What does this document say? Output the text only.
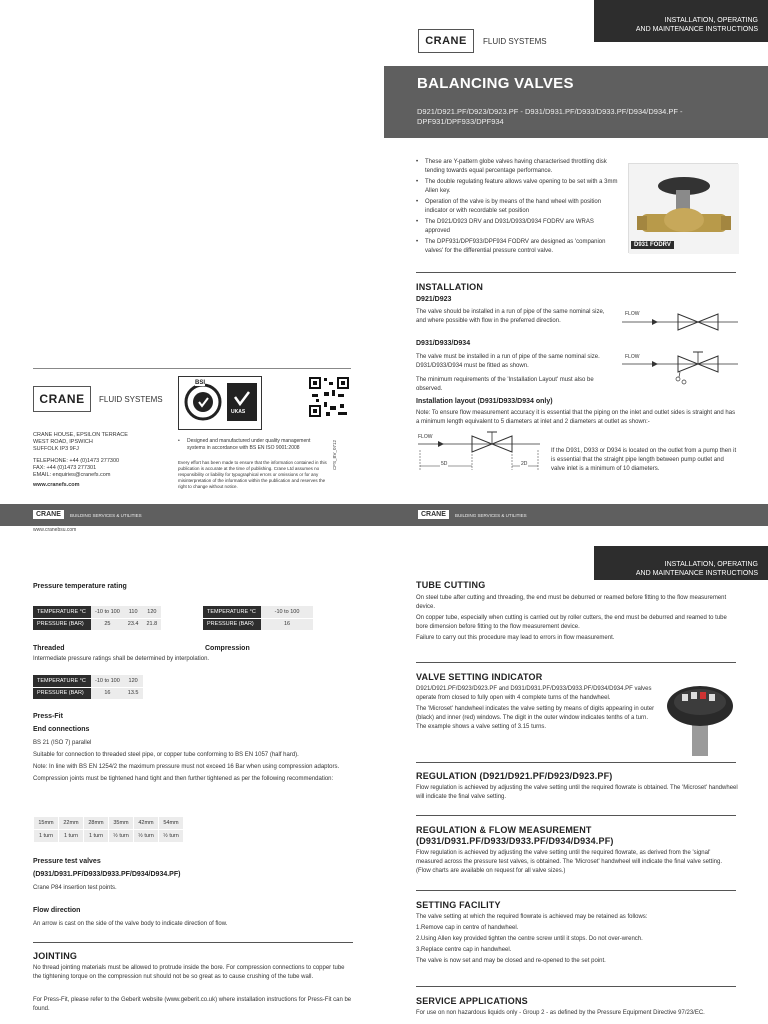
INSTALLATION, OPERATING
AND MAINTENANCE INSTRUCTIONS
CRANE FLUID SYSTEMS
BALANCING VALVES
D921/D921.PF/D923/D923.PF - D931/D931.PF/D933/D933.PF/D934/D934.PF - DPF931/DPF933/DPF934
• These are Y-pattern globe valves having characterised throttling disk tending towards equal percentage performance.
• The double regulating feature allows valve opening to be set with a 3mm Allen key.
• Operation of the valve is by means of the hand wheel with position indicator or with recordable set position
• The D921/D923 DRV and D931/D933/D934 FODRV are WRAS approved
• The DPF931/DPF933/DPF934 FODRV are designed as 'companion valves' for the differential pressure control valve.
D931 FODRV
INSTALLATION
D921/D923
The valve should be installed in a run of pipe of the same nominal size, and where possible with flow in the preferred direction.
D931/D933/D934
The valve must be installed in a run of pipe of the same nominal size. D931/D933/D934 must be fitted as shown.
The minimum requirements of the 'Installation Layout' must also be observed.
FLOW
FLOW
Installation layout (D931/D933/D934 only)
Note: To ensure flow measurement accuracy it is essential that the piping on the inlet and outlet sides is straight and has a minimum length equivalent to 5 diameters at inlet and 2 diameters at outlet as shown:-
FLOW
5D	2D
If the D931, D933 or D934 is located on the outlet from a pump then it is essential that the straight pipe length between pump outlet and valve inlet is a minimum of 10 diameters.
CRANE FLUID SYSTEMS
CRANE HOUSE, EPSILON TERRACE
WEST ROAD, IPSWICH
SUFFOLK IP3 9FJ
TELEPHONE: +44 (0)1473 277300
FAX: +44 (0)1473 277301
EMAIL: enquiries@cranefs.com
www.cranefs.com
BSI
UKAS
• Designed and manufactured under quality management systems in accordance with BS EN ISO 9001:2008
Every effort has been made to ensure that the information contained in this publication is accurate at the time of publishing. Crane Ltd assumes no responsibility or liability for typographical errors or omissions or for any misinterpretation of the information within the publication and reserves the right to change without notice.
CFS_BV_0712
CRANE	BUILDING SERVICES & UTILITIES
www.cranebsu.com
CRANE	BUILDING SERVICES & UTILITIES
INSTALLATION, OPERATING
AND MAINTENANCE INSTRUCTIONS
Pressure temperature rating
TEMPERATURE °C	-10 to 100	110	120
PRESSURE (BAR)	25	23.4	21.8
TEMPERATURE °C	-10 to 100
PRESSURE (BAR)	16
Threaded	Compression
Intermediate pressure ratings shall be determined by interpolation.
TEMPERATURE °C	-10 to 100	120
PRESSURE (BAR)	16	13.5
Press-Fit
End connections

BS 21 (ISO 7) parallel

Suitable for connection to threaded steel pipe, or copper tube conforming to BS EN 1057 (half hard).

Note: In line with BS EN 1254/2 the maximum pressure must not exceed 16 Bar when using compression adaptors.

Compression joints must be tightened hand tight and then further tightened as per the following recommendation:

15mm	22mm	28mm	35mm	42mm	54mm
1 turn	1 turn	1 turn	½ turn	½ turn	½ turn
Pressure test valves
(D931/D931.PF/D933/D933.PF/D934/D934.PF)
Crane P84 insertion test points.
Flow direction
An arrow is cast on the side of the valve body to indicate direction of flow.
JOINTING
No thread jointing materials must be allowed to protrude inside the bore. For compression connections to copper tube the tightening torque on the compression nut should not be so great as to cause crushing of the tube wall.
For Press-Fit, please refer to the Geberit website (www.geberit.co.uk) where installation instructions for Press-Fit can be found.
TUBE CUTTING

On steel tube after cutting and threading, the end must be deburred or reamed before fitting to the flow measurement device.

On copper tube, especially when cutting is carried out by roller cutters, the end must be deburred and reamed to tube bore dimension before fitting to the flow measurement device.

Failure to carry out this procedure may lead to errors in flow measurement.

VALVE SETTING INDICATOR

D921/D921.PF/D923/D923.PF and D931/D931.PF/D933/D933.PF/D934/D934.PF valves operate from closed to fully open with 4 complete turns of the handwheel.

The 'Microset' handwheel indicates the valve setting by means of digits appearing in outer (black) and inner (red) windows. The digit in the outer window indicates tenths of a turn. The example shows a valve setting of 3.15 turns.

REGULATION (D921/D921.PF/D923/D923.PF)
Flow regulation is achieved by adjusting the valve setting until the required flowrate is obtained. The 'Microset' handwheel will indicate the final valve setting.
REGULATION & FLOW MEASUREMENT
(D931/D931.PF/D933/D933.PF/D934/D934.PF)
Flow regulation is achieved by adjusting the valve setting until the required flowrate, as derived from the 'signal' measured across the pressure test valves, is obtained. The 'Microset' handwheel will indicate the final valve setting. (Flow charts are available on request for all valve sizes.)
SETTING FACILITY

The valve setting at which the required flowrate is achieved may be retained as follows:

1.Remove cap in centre of handwheel.

2.Using Allen key provided tighten the centre screw until it stops. Do not over-wrench.

3.Replace centre cap in handwheel.

The valve is now set and may be closed and re-opened to the set point.

SERVICE APPLICATIONS
For use on non hazardous liquids only - Group 2 - as defined by the Pressure Equipment Directive 97/23/EC.
